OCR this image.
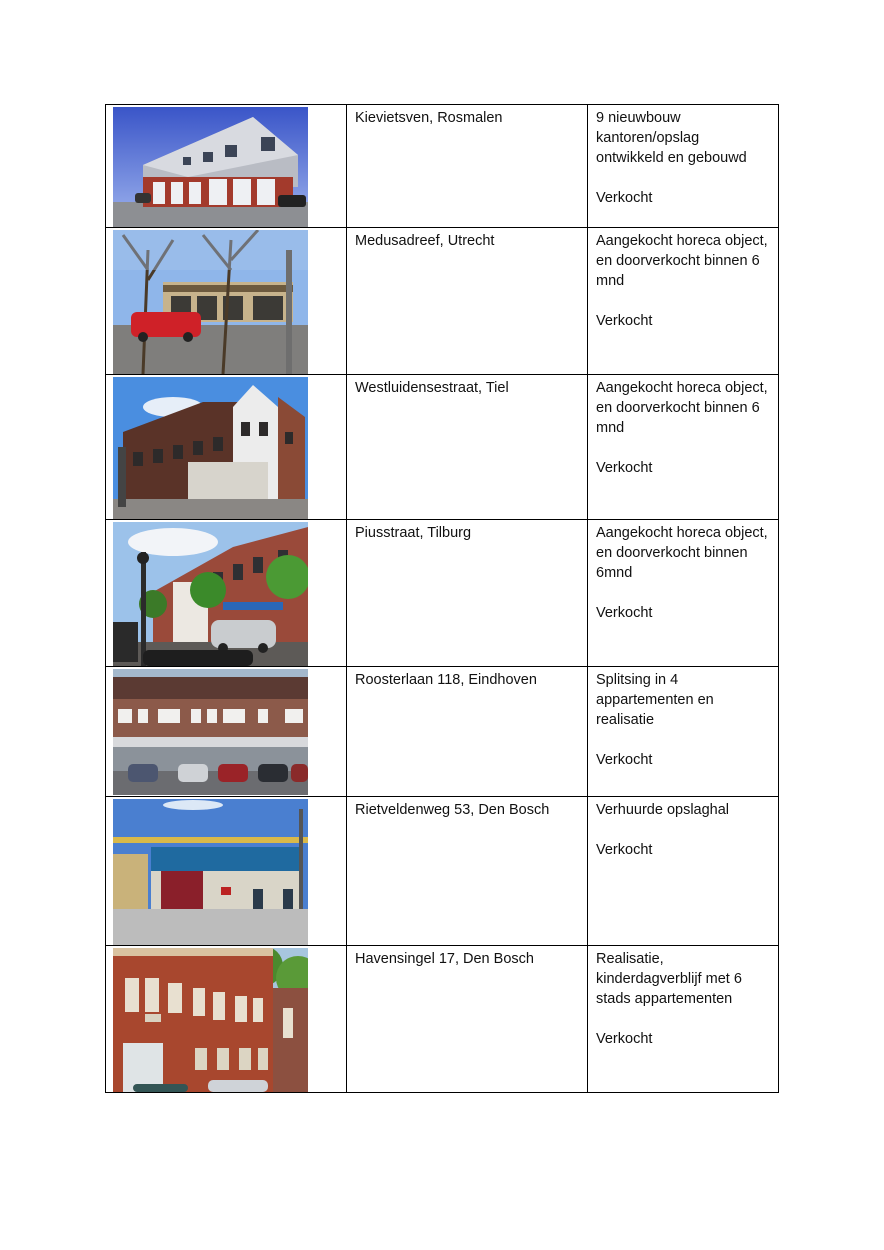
Kievietsven, Rosmalen	9 nieuwbouw kantoren/opslag ontwikkeld en gebouwd
Verkocht

Medusadreef, Utrecht	Aangekocht horeca object, en doorverkocht binnen 6 mnd
Verkocht

Westluidensestraat, Tiel	Aangekocht horeca object, en doorverkocht binnen 6 mnd
Verkocht

Piusstraat, Tilburg	Aangekocht horeca object, en doorverkocht binnen 6mnd
Verkocht

Roosterlaan 118, Eindhoven	Splitsing in 4 appartementen en realisatie
Verkocht

Rietveldenweg 53, Den Bosch	Verhuurde opslaghal
Verkocht

Havensingel 17, Den Bosch	Realisatie, kinderdagverblijf met 6 stads appartementen
Verkocht
